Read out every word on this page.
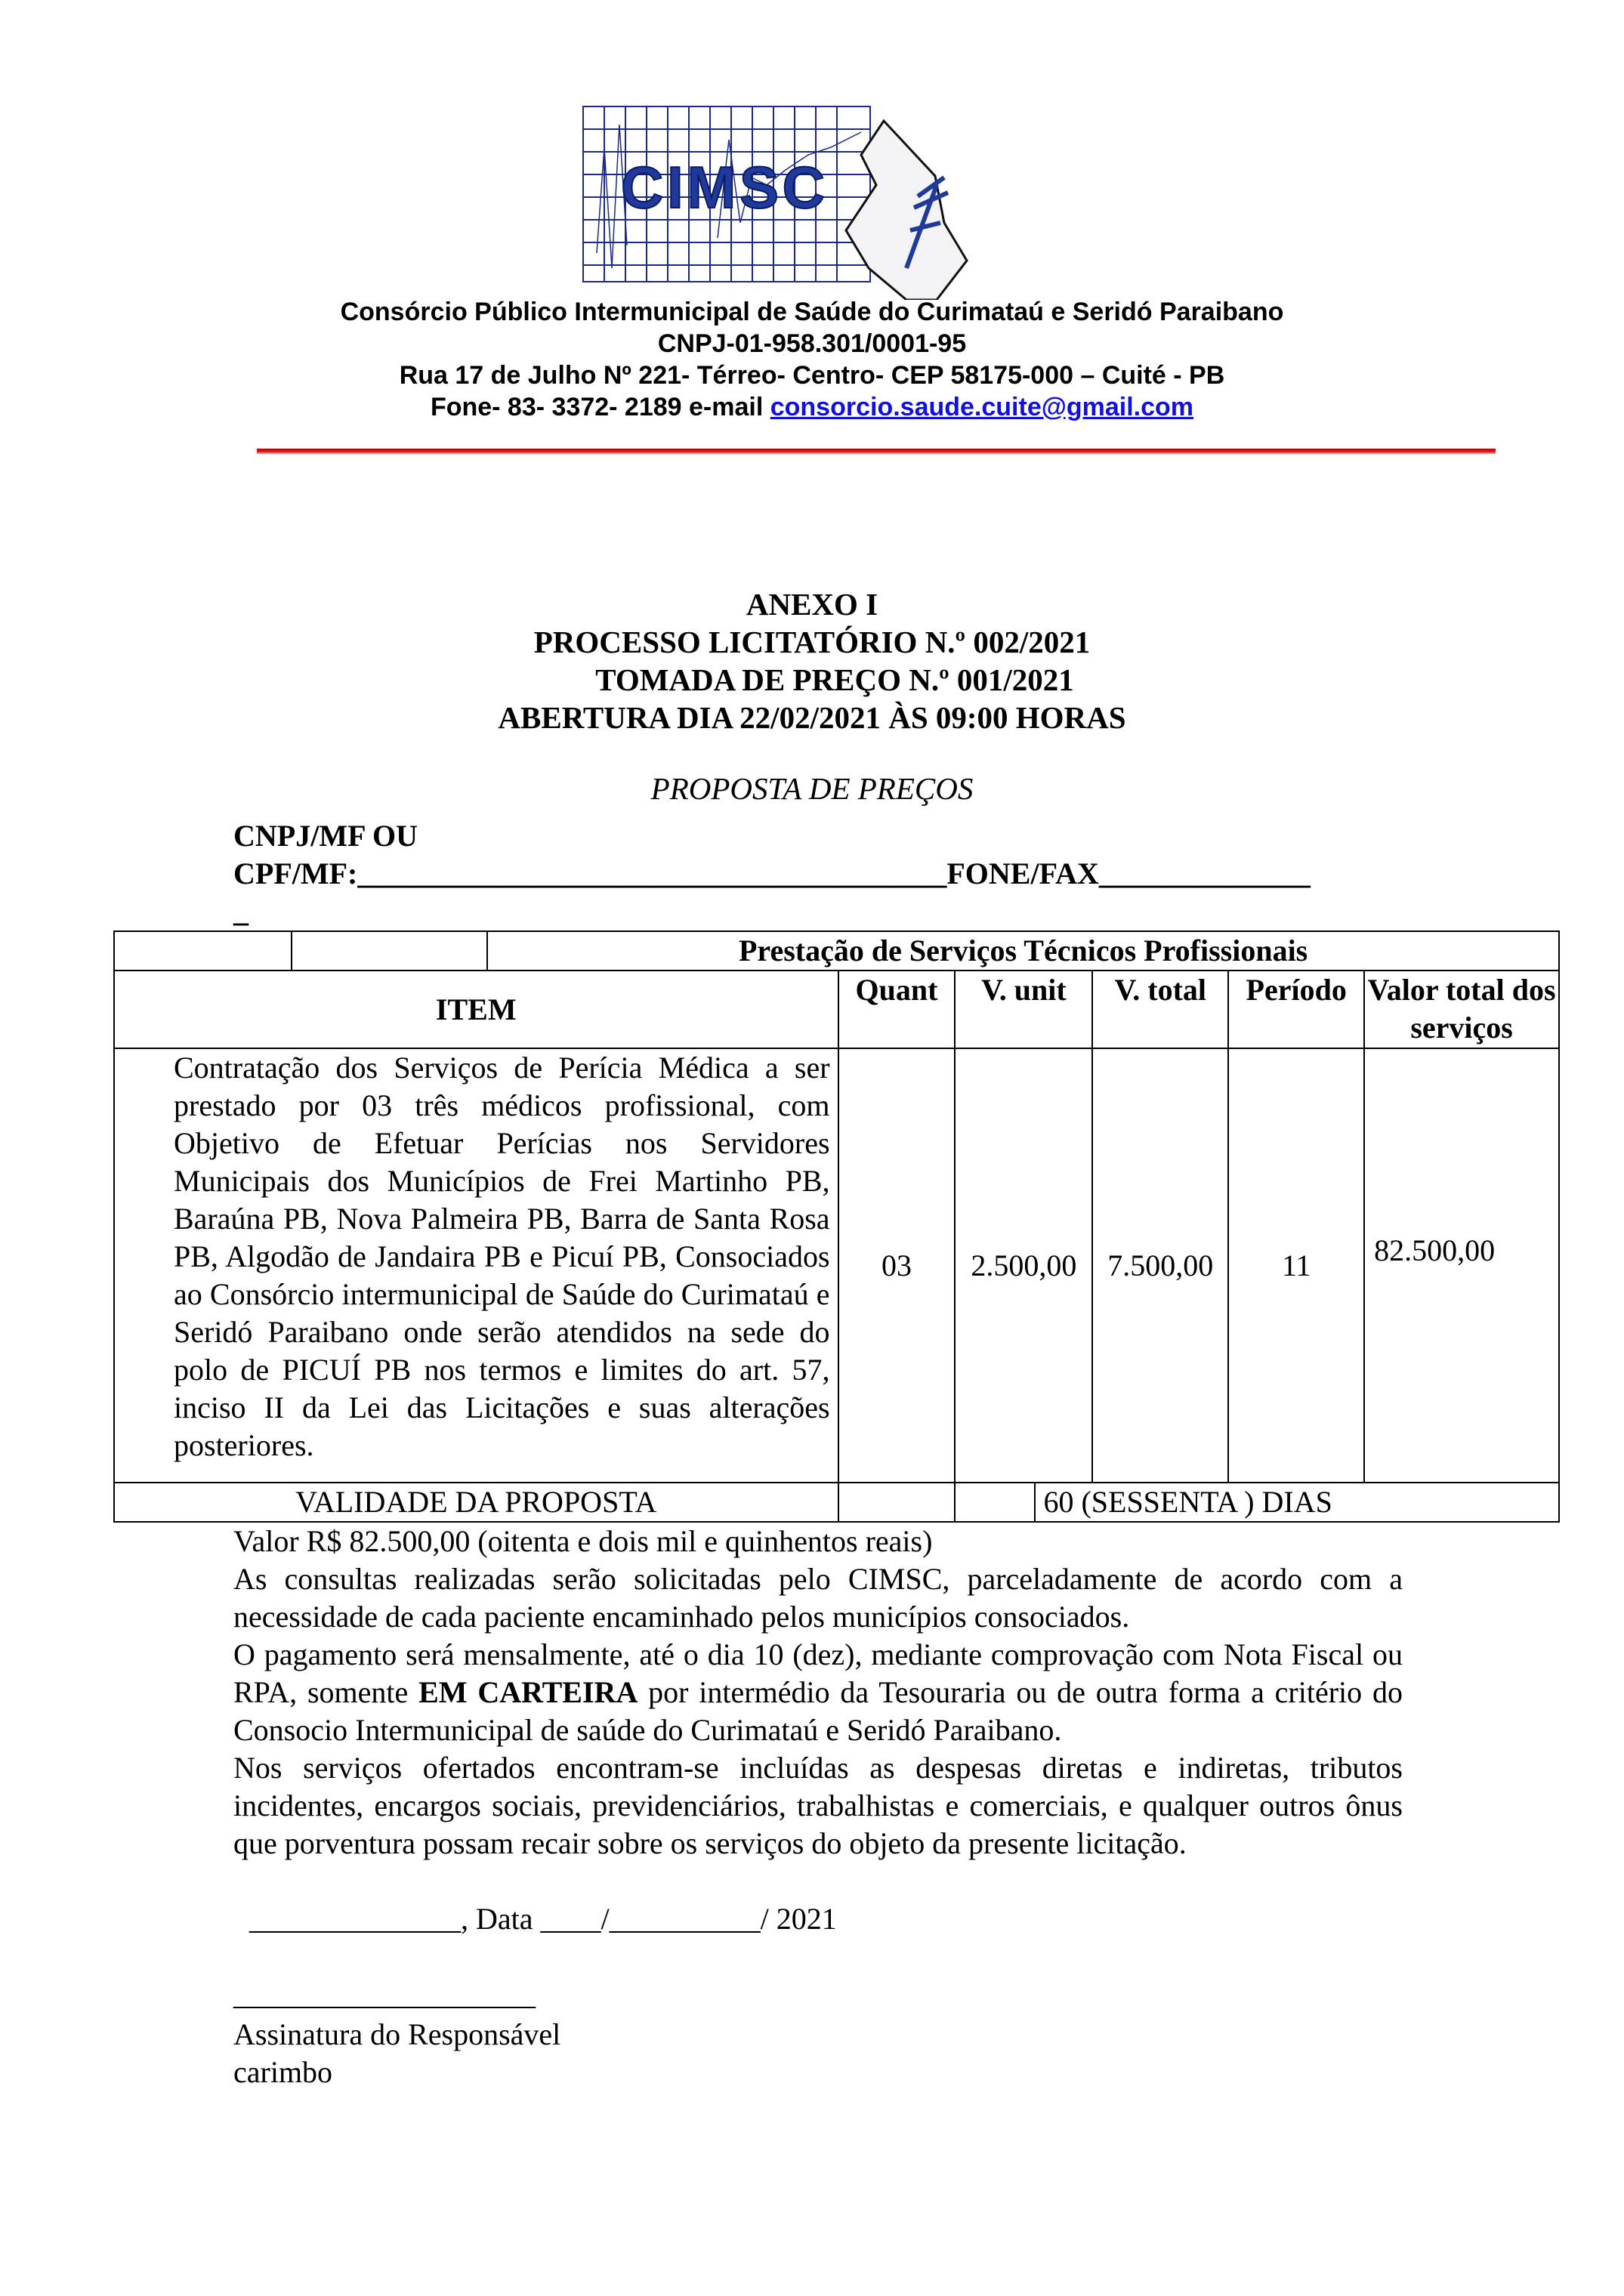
CIMSC
Consórcio Público Intermunicipal de Saúde do Curimataú e Seridó Paraibano
CNPJ-01-958.301/0001-95
Rua 17 de Julho Nº 221- Térreo- Centro- CEP 58175-000 – Cuité - PB
Fone- 83- 3372- 2189 e-mail consorcio.saude.cuite@gmail.com
ANEXO I
PROCESSO LICITATÓRIO N.º 002/2021
TOMADA DE PREÇO N.º 001/2021
ABERTURA DIA 22/02/2021 ÀS 09:00 HORAS
PROPOSTA DE PREÇOS
CNPJ/MF OU
CPF/MF:_______________________________________FONE/FAX______________
_
		Prestação de Serviços Técnicos Profissionais					
ITEM			Quant	V. unit	V. total	Período	Valor total dos serviços
Contratação dos Serviços de Perícia Médica a ser prestado por 03 três médicos profissional, com Objetivo de Efetuar Perícias nos Servidores Municipais dos Municípios de Frei Martinho PB, Baraúna PB, Nova Palmeira PB, Barra de Santa Rosa PB, Algodão de Jandaira PB e Picuí PB, Consociados ao Consórcio intermunicipal de Saúde do Curimataú e Seridó Paraibano onde serão atendidos na sede do polo de PICUÍ PB nos termos e limites do art. 57, inciso II da Lei das Licitações e suas alterações posteriores.			03	2.500,00	7.500,00	11	82.500,00
VALIDADE DA PROPOSTA				60 (SESSENTA ) DIAS			
Valor R$ 82.500,00 (oitenta e dois mil e quinhentos reais)
As consultas realizadas serão solicitadas pelo CIMSC, parceladamente de acordo com a necessidade de cada paciente encaminhado pelos municípios consociados.
O pagamento será mensalmente, até o dia 10 (dez), mediante comprovação com Nota Fiscal ou RPA, somente EM CARTEIRA por intermédio da Tesouraria ou de outra forma a critério do Consocio Intermunicipal de saúde do Curimataú e Seridó Paraibano.
Nos serviços ofertados encontram-se incluídas as despesas diretas e indiretas, tributos incidentes, encargos sociais, previdenciários, trabalhistas e comerciais, e qualquer outros ônus que porventura possam recair sobre os serviços do objeto da presente licitação.
______________, Data ____/__________/ 2021
____________________
Assinatura do Responsável
carimbo
